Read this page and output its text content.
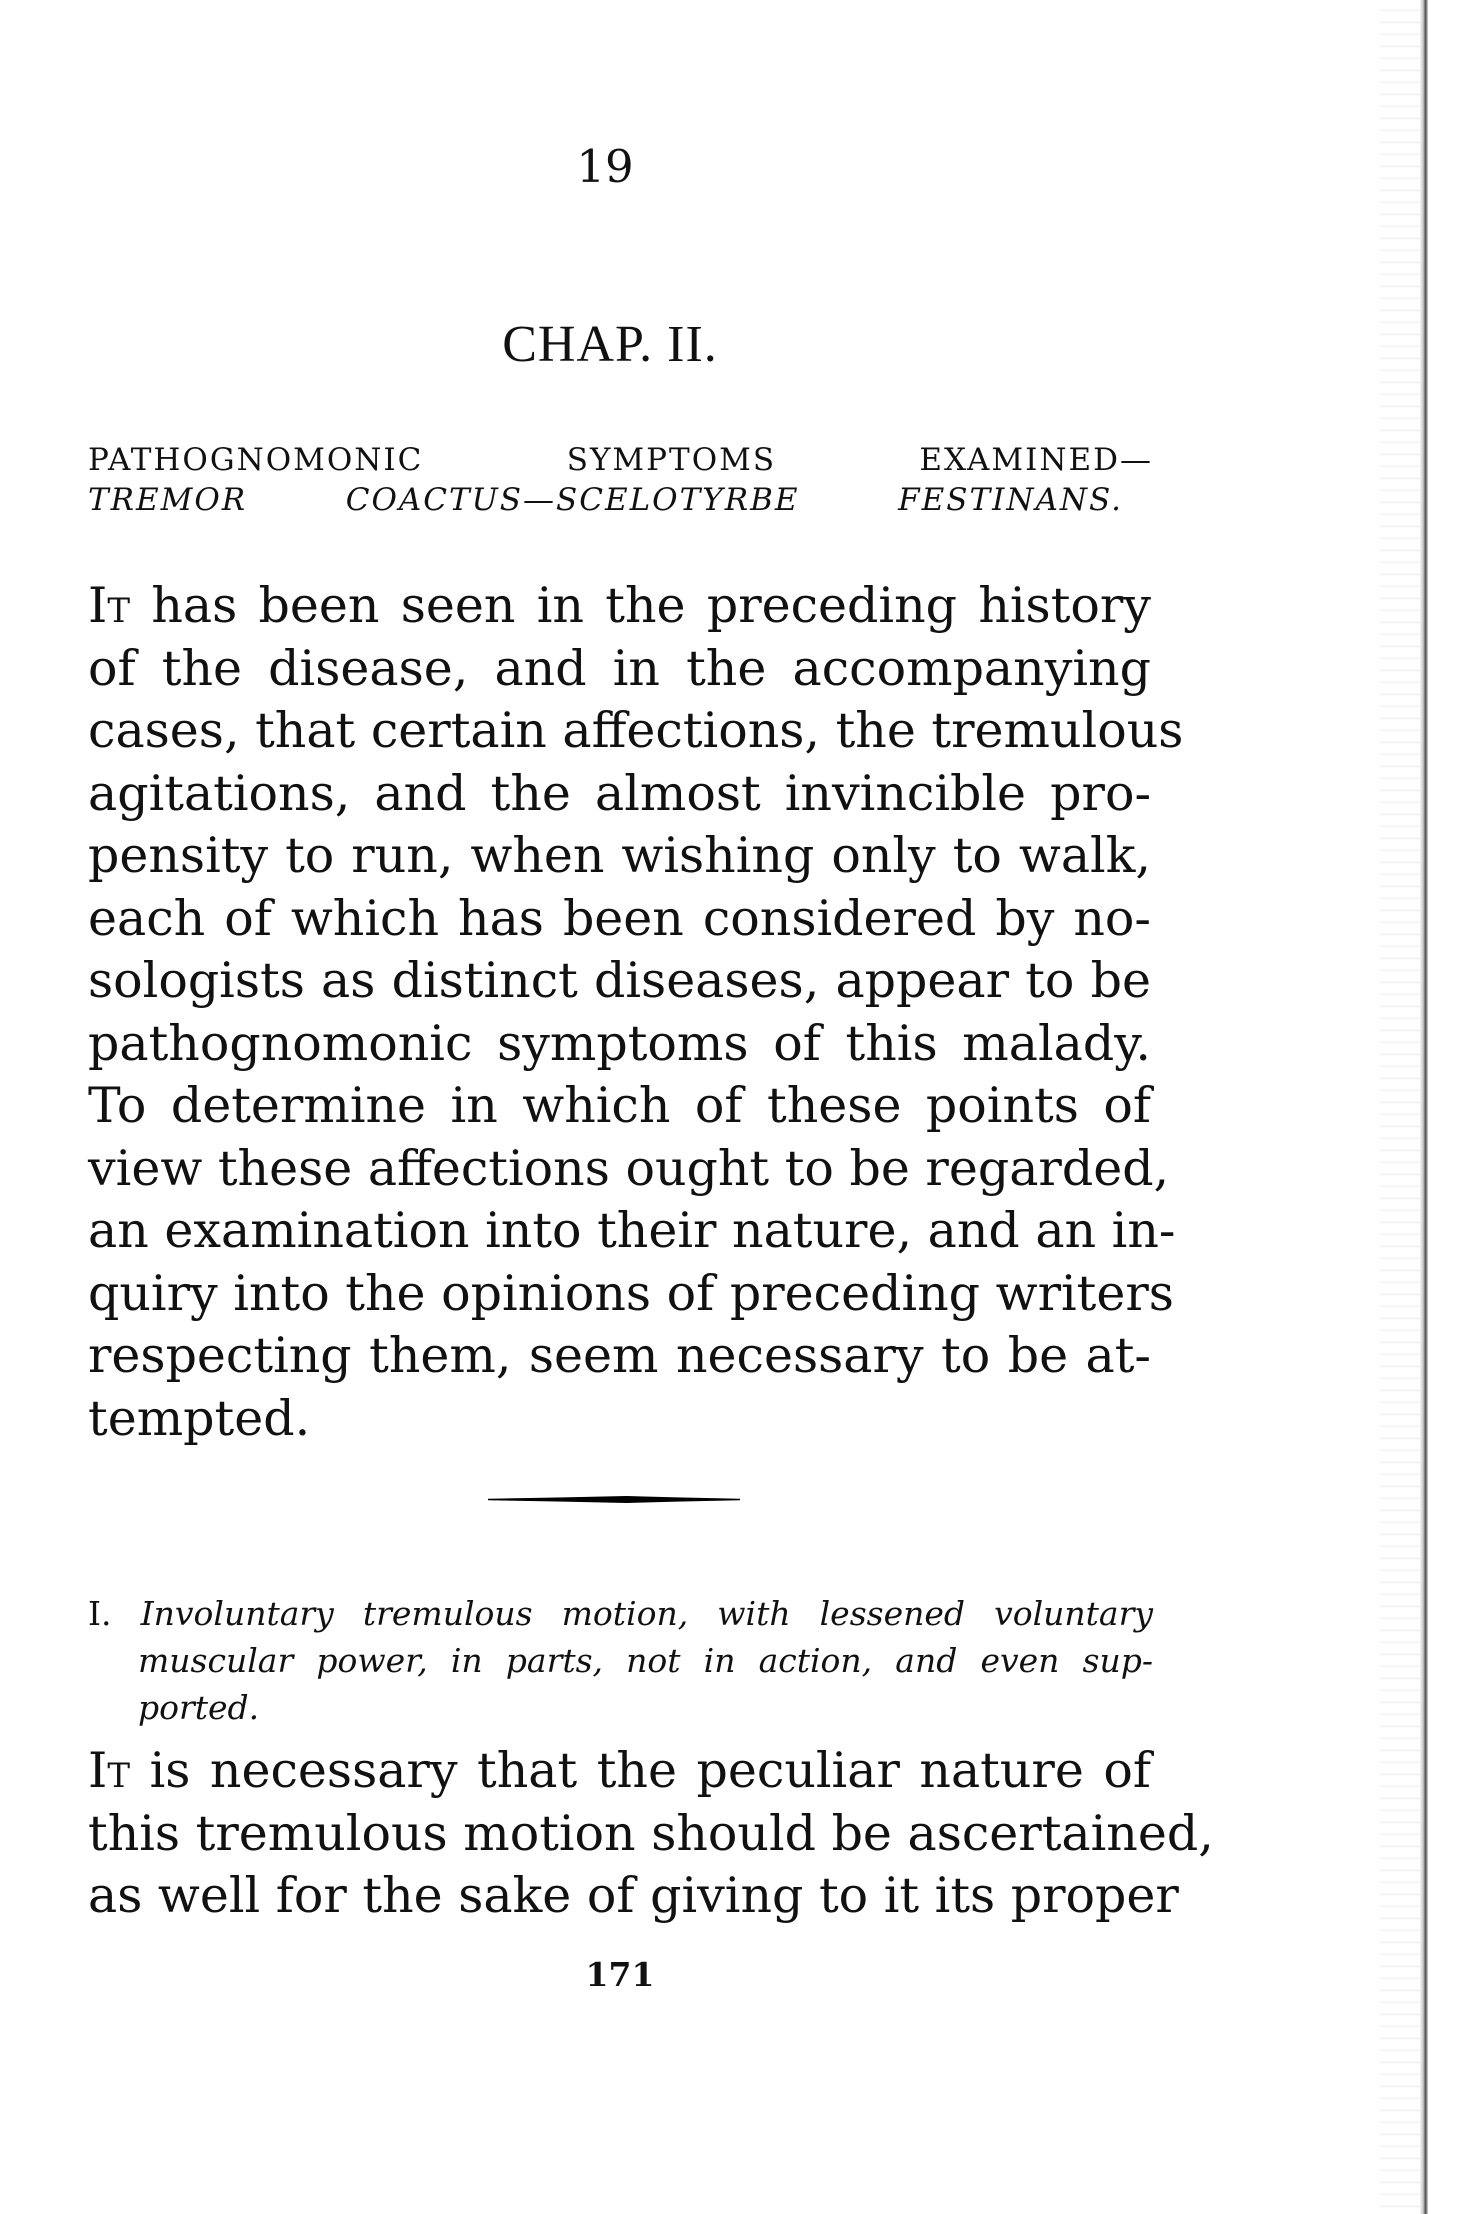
19
CHAP. II.
PATHOGNOMONIC	SYMPTOMS	EXAMINED—
TREMOR	COACTUS—SCELOTYRBE	FESTINANS.
It has been seen in the preceding history
of the disease, and in the accompanying
cases, that certain affections, the tremulous
agitations, and the almost invincible pro-
pensity to run, when wishing only to walk,
each of which has been considered by no-
sologists as distinct diseases, appear to be
pathognomonic symptoms of this malady.
To determine in which of these points of
view these affections ought to be regarded,
an examination into their nature, and an in-
quiry into the opinions of preceding writers
respecting them, seem necessary to be at-
tempted.
I. Involuntary tremulous motion, with lessened voluntary
muscular power, in parts, not in action, and even sup-
ported.
It is necessary that the peculiar nature of
this tremulous motion should be ascertained,
as well for the sake of giving to it its proper
171
